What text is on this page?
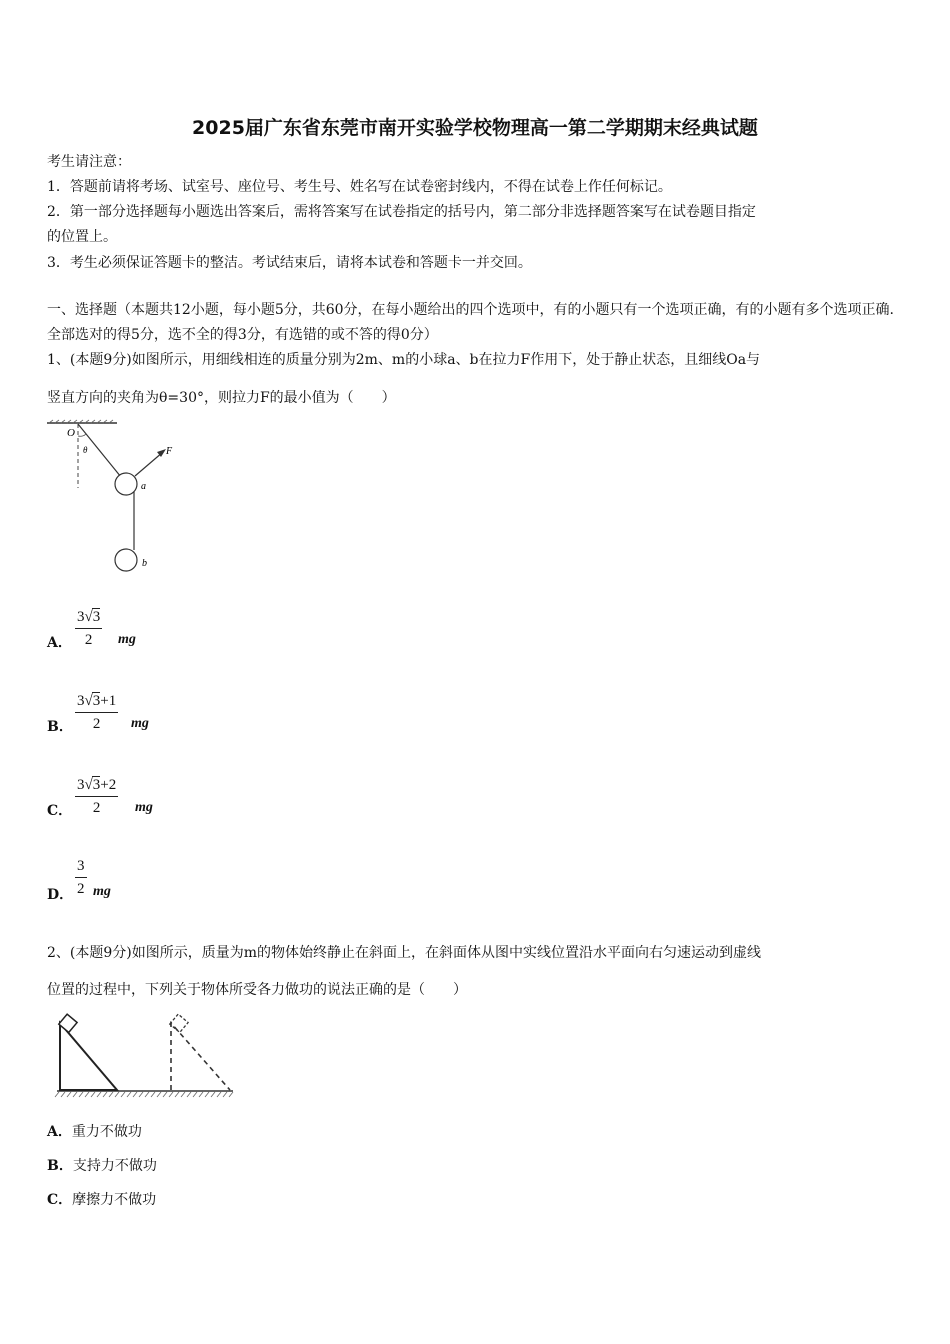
2025届广东省东莞市南开实验学校物理高一第二学期期末经典试题
考生请注意：
1．答题前请将考场、试室号、座位号、考生号、姓名写在试卷密封线内，不得在试卷上作任何标记。
2．第一部分选择题每小题选出答案后，需将答案写在试卷指定的括号内，第二部分非选择题答案写在试卷题目指定
的位置上。
3．考生必须保证答题卡的整洁。考试结束后，请将本试卷和答题卡一并交回。
一、选择题（本题共12小题，每小题5分，共60分，在每小题给出的四个选项中，有的小题只有一个选项正确，有的小题有多个选项正确.全部选对的得5分，选不全的得3分，有选错的或不答的得0分）
1、(本题9分)如图所示，用细线相连的质量分别为2m、m的小球a、b在拉力F作用下，处于静止状态，且细线Oa与
竖直方向的夹角为θ=30°，则拉力F的最小值为（　　）
O
θ	F
a
b
A． $\frac{3√3}{2}$ mg
B． $\frac{3√3+1}{2}$ mg
C． $\frac{3√3+2}{2}$ mg
D． $\frac{3}{2}$ mg
2、(本题9分)如图所示，质量为m的物体始终静止在斜面上，在斜面体从图中实线位置沿水平面向右匀速运动到虚线
位置的过程中，下列关于物体所受各力做功的说法正确的是（　　）
A．重力不做功
B．支持力不做功
C．摩擦力不做功
